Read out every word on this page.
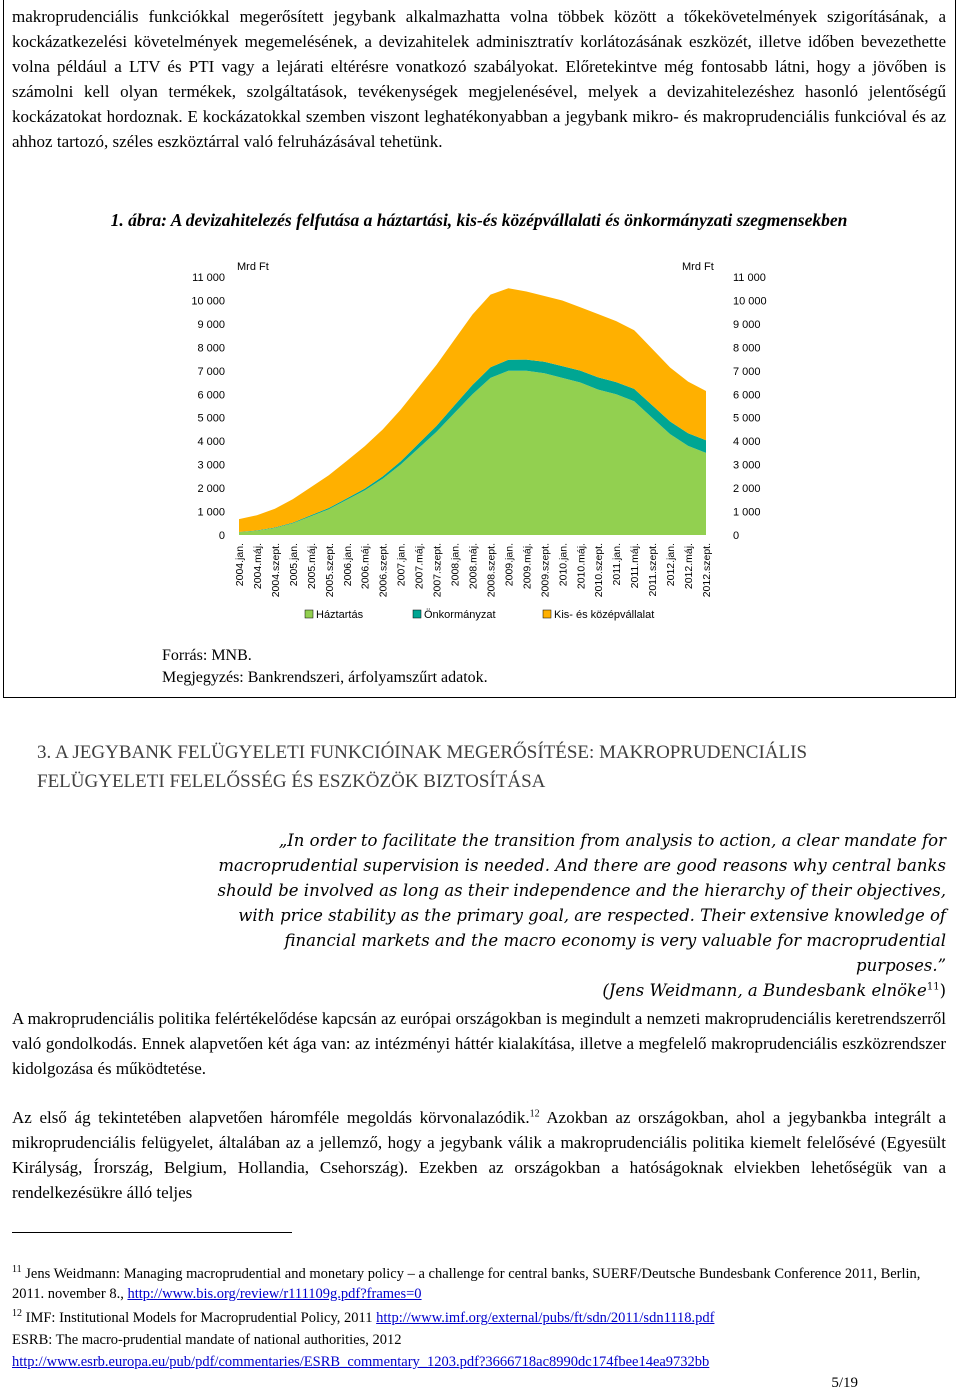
makroprudenciális funkciókkal megerősített jegybank alkalmazhatta volna többek között a tőkekövetelmények szigorításának, a kockázatkezelési követelmények megemelésének, a devizahitelek adminisztratív korlátozásának eszközét, illetve időben bevezethette volna például a LTV és PTI vagy a lejárati eltérésre vonatkozó szabályokat. Előretekintve még fontosabb látni, hogy a jövőben is számolni kell olyan termékek, szolgáltatások, tevékenységek megjelenésével, melyek a devizahitelezéshez hasonló jelentőségű kockázatokat hordoznak. E kockázatokkal szemben viszont leghatékonyabban a jegybank mikro- és makroprudenciális funkcióval és az ahhoz tartozó, széles eszköztárral való felruházásával tehetünk.
1. ábra: A devizahitelezés felfutása a háztartási, kis-és középvállalati és önkormányzati szegmensekben
0
1 000
2 000
3 000
4 000
5 000
6 000
7 000
8 000
9 000
10 000
11 000
0
1 000
2 000
3 000
4 000
5 000
6 000
7 000
8 000
9 000
10 000
11 000
2004.jan. 2004.máj. 2004.szept. 2005.jan. 2005.máj. 2005.szept. 2006.jan. 2006.máj. 2006.szept. 2007.jan. 2007.máj. 2007.szept. 2008.jan. 2008.máj. 2008.szept. 2009.jan. 2009.máj. 2009.szept. 2010.jan. 2010.máj. 2010.szept. 2011.jan. 2011.máj. 2011.szept. 2012.jan. 2012.máj. 2012.szept.
Mrd Ft	Mrd Ft
Háztartás	Önkormányzat	Kis- és középvállalat
Forrás: MNB.
Megjegyzés: Bankrendszeri, árfolyamszűrt adatok.
3. A JEGYBANK FELÜGYELETI FUNKCIÓINAK MEGERŐSÍTÉSE: MAKROPRUDENCIÁLIS FELÜGYELETI FELELŐSSÉG ÉS ESZKÖZÖK BIZTOSÍTÁSA
„In order to facilitate the transition from analysis to action, a clear mandate for macroprudential supervision is needed. And there are good reasons why central banks should be involved as long as their independence and the hierarchy of their objectives, with price stability as the primary goal, are respected. Their extensive knowledge of financial markets and the macro economy is very valuable for macroprudential purposes.”
(Jens Weidmann, a Bundesbank elnöke$^{11}$)
A makroprudenciális politika felértékelődése kapcsán az európai országokban is megindult a nemzeti makroprudenciális keretrendszerről való gondolkodás. Ennek alapvetően két ága van: az intézményi háttér kialakítása, illetve a megfelelő makroprudenciális eszközrendszer kidolgozása és működtetése.
Az első ág tekintetében alapvetően háromféle megoldás körvonalazódik.$^{12}$ Azokban az országokban, ahol a jegybankba integrált a mikroprudenciális felügyelet, általában az a jellemző, hogy a jegybank válik a makroprudenciális politika kiemelt felelősévé (Egyesült Királyság, Írország, Belgium, Hollandia, Csehország). Ezekben az országokban a hatóságoknak elviekben lehetőségük van a rendelkezésükre álló teljes
$^{11}$ Jens Weidmann: Managing macroprudential and monetary policy – a challenge for central banks, SUERF/Deutsche Bundesbank Conference 2011, Berlin, 2011. november 8., http://www.bis.org/review/r111109g.pdf?frames=0
$^{12}$ IMF: Institutional Models for Macroprudential Policy, 2011 http://www.imf.org/external/pubs/ft/sdn/2011/sdn1118.pdf
ESRB: The macro-prudential mandate of national authorities, 2012
http://www.esrb.europa.eu/pub/pdf/commentaries/ESRB_commentary_1203.pdf?3666718ac8990dc174fbee14ea9732bb
5/19
